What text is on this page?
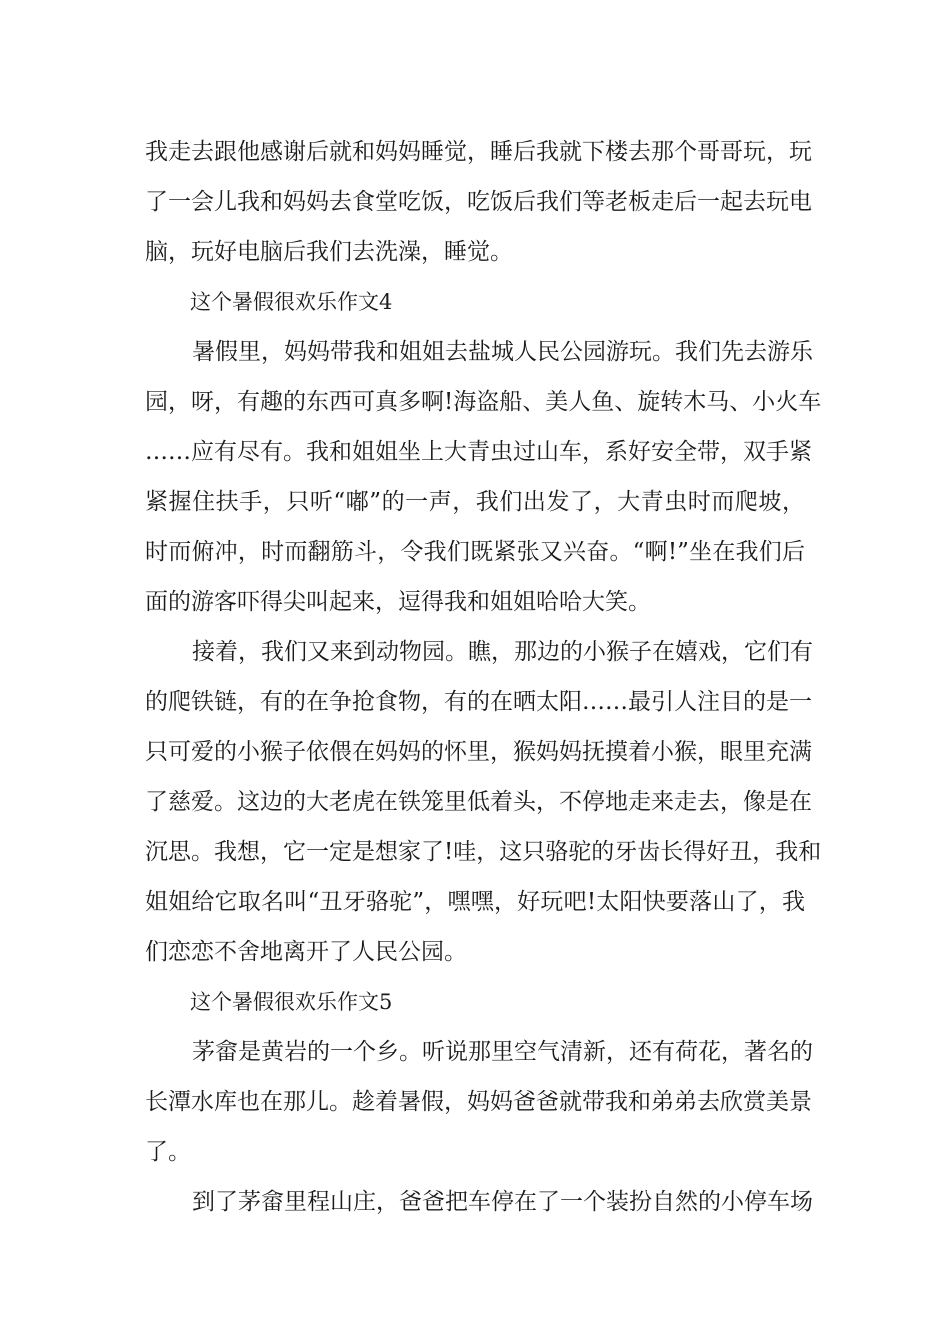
我走去跟他感谢后就和妈妈睡觉，睡后我就下楼去那个哥哥玩，玩
了一会儿我和妈妈去食堂吃饭，吃饭后我们等老板走后一起去玩电
脑，玩好电脑后我们去洗澡，睡觉。
这个暑假很欢乐作文4
暑假里，妈妈带我和姐姐去盐城人民公园游玩。我们先去游乐
园，呀，有趣的东西可真多啊!海盗船、美人鱼、旋转木马、小火车
……应有尽有。我和姐姐坐上大青虫过山车，系好安全带，双手紧
紧握住扶手，只听“嘟”的一声，我们出发了，大青虫时而爬坡，
时而俯冲，时而翻筋斗，令我们既紧张又兴奋。“啊!”坐在我们后
面的游客吓得尖叫起来，逗得我和姐姐哈哈大笑。
接着，我们又来到动物园。瞧，那边的小猴子在嬉戏，它们有
的爬铁链，有的在争抢食物，有的在晒太阳……最引人注目的是一
只可爱的小猴子依偎在妈妈的怀里，猴妈妈抚摸着小猴，眼里充满
了慈爱。这边的大老虎在铁笼里低着头，不停地走来走去，像是在
沉思。我想，它一定是想家了!哇，这只骆驼的牙齿长得好丑，我和
姐姐给它取名叫“丑牙骆驼”，嘿嘿，好玩吧!太阳快要落山了，我
们恋恋不舍地离开了人民公园。
这个暑假很欢乐作文5
茅畲是黄岩的一个乡。听说那里空气清新，还有荷花，著名的
长潭水库也在那儿。趁着暑假，妈妈爸爸就带我和弟弟去欣赏美景
了。
到了茅畲里程山庄，爸爸把车停在了一个装扮自然的小停车场
